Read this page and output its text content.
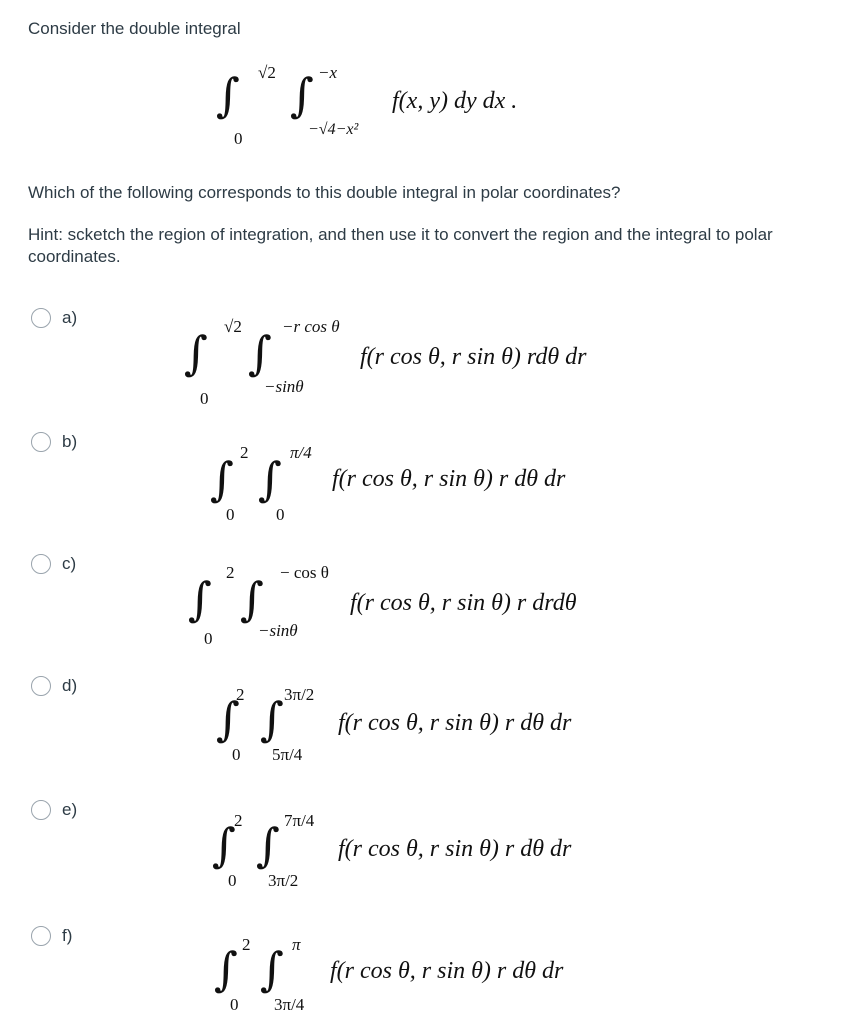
Consider the double integral
∫ √2
0
∫ −x
−√4−x²
f(x, y) dy dx .
Which of the following corresponds to this double integral in polar coordinates?
Hint: scketch the region of integration, and then use it to convert the region and the integral to polar coordinates.
a)
∫ √2
0
∫ −r cos θ
−sinθ
f(r cos θ, r sin θ) rdθ dr
b)
∫ 2
0
∫ π/4
0
f(r cos θ, r sin θ) r dθ dr
c)
∫ 2
0
∫ − cos θ
−sinθ
f(r cos θ, r sin θ) r drdθ
d)
∫
2
0
∫ 3π/2
5π/4
f(r cos θ, r sin θ) r dθ dr
e)
∫
2
0
∫ 7π/4
3π/2
f(r cos θ, r sin θ) r dθ dr
f)
∫ 2
0
∫ π
3π/4
f(r cos θ, r sin θ) r dθ dr
